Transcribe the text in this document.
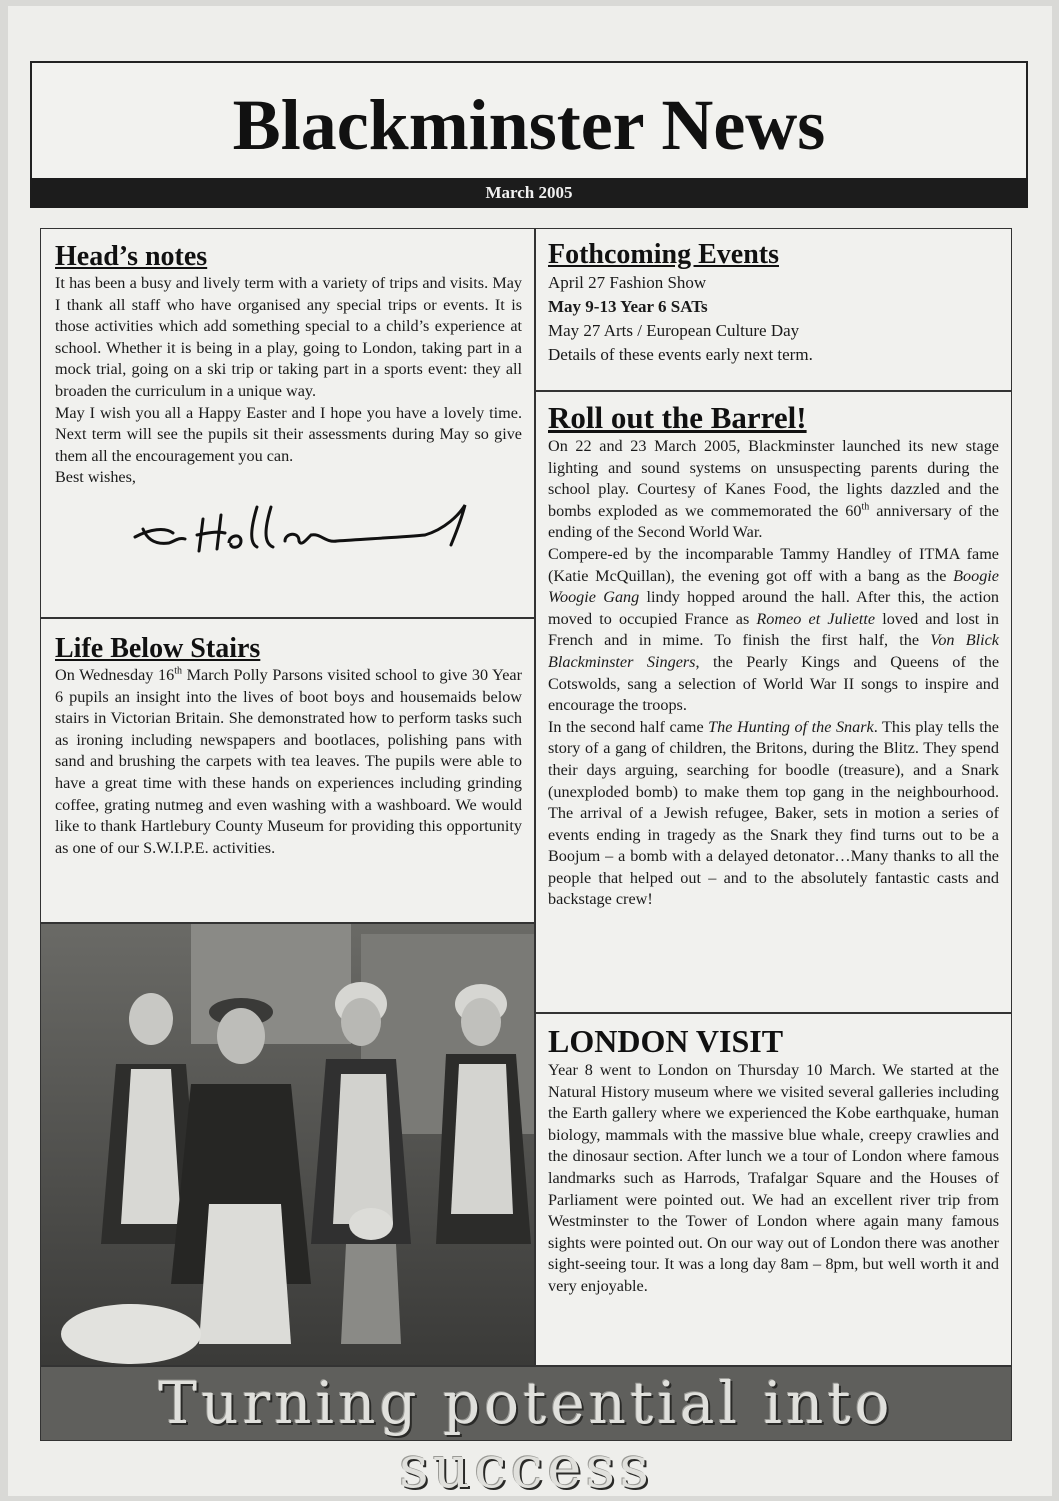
Blackminster News
March 2005
Head’s notes

It has been a busy and lively term with a variety of trips and visits. May I thank all staff who have organised any special trips or events. It is those activities which add something special to a child’s experience at school. Whether it is being in a play, going to London, taking part in a mock trial, going on a ski trip or taking part in a sports event: they all broaden the curriculum in a unique way.

May I wish you all a Happy Easter and I hope you have a lovely time. Next term will see the pupils sit their assessments during May so give them all the encouragement you can.

Best wishes,

Life Below Stairs

On Wednesday 16th March Polly Parsons visited school to give 30 Year 6 pupils an insight into the lives of boot boys and housemaids below stairs in Victorian Britain. She demonstrated how to perform tasks such as ironing including newspapers and bootlaces, polishing pans with sand and brushing the carpets with tea leaves. The pupils were able to have a great time with these hands on experiences including grinding coffee, grating nutmeg and even washing with a washboard. We would like to thank Hartlebury County Museum for providing this opportunity as one of our S.W.I.P.E. activities.

Fothcoming Events

April 27 Fashion Show

May 9-13 Year 6 SATs

May 27 Arts / European Culture Day

Details of these events early next term.

Roll out the Barrel!

On 22 and 23 March 2005, Blackminster launched its new stage lighting and sound systems on unsuspecting parents during the school play. Courtesy of Kanes Food, the lights dazzled and the bombs exploded as we commemorated the 60th anniversary of the ending of the Second World War.

Compere-ed by the incomparable Tammy Handley of ITMA fame (Katie McQuillan), the evening got off with a bang as the Boogie Woogie Gang lindy hopped around the hall. After this, the action moved to occupied France as Romeo et Juliette loved and lost in French and in mime. To finish the first half, the Von Blick Blackminster Singers, the Pearly Kings and Queens of the Cotswolds, sang a selection of World War II songs to inspire and encourage the troops.

In the second half came The Hunting of the Snark. This play tells the story of a gang of children, the Britons, during the Blitz. They spend their days arguing, searching for boodle (treasure), and a Snark (unexploded bomb) to make them top gang in the neighbourhood. The arrival of a Jewish refugee, Baker, sets in motion a series of events ending in tragedy as the Snark they find turns out to be a Boojum – a bomb with a delayed detonator…Many thanks to all the people that helped out – and to the absolutely fantastic casts and backstage crew!

LONDON VISIT

Year 8 went to London on Thursday 10 March. We started at the Natural History museum where we visited several galleries including the Earth gallery where we experienced the Kobe earthquake, human biology, mammals with the massive blue whale, creepy crawlies and the dinosaur section. After lunch we a tour of London where famous landmarks such as Harrods, Trafalgar Square and the Houses of Parliament were pointed out. We had an excellent river trip from Westminster to the Tower of London where again many famous sights were pointed out. On our way out of London there was another sight-seeing tour. It was a long day 8am – 8pm, but well worth it and very enjoyable.

Turning potential into success
